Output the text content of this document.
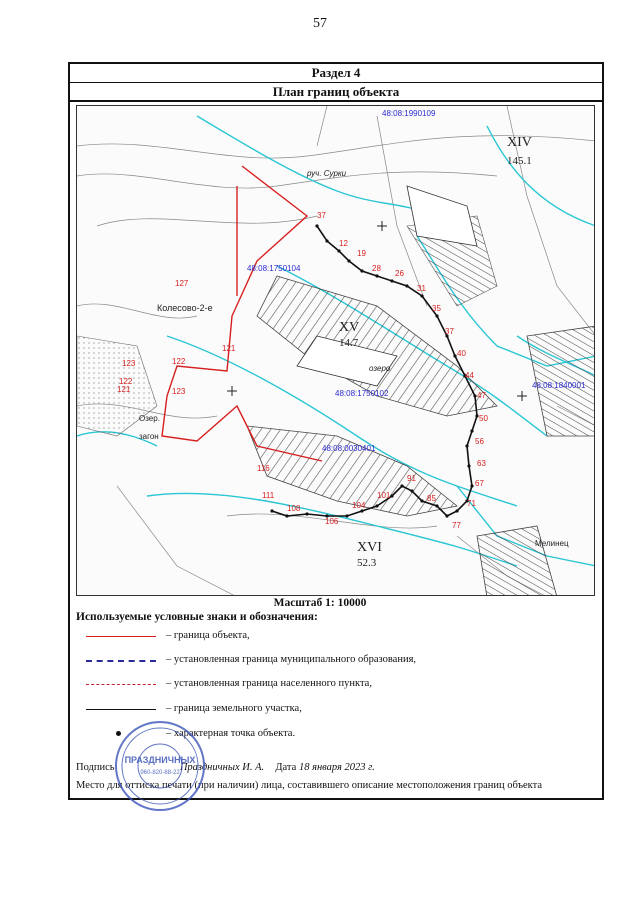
57
Раздел 4
План границ объекта
48:08:1990109
48:08:1750104
48:08:1750102
48:08:0030401
48:08:1840001
XIV
145.1
XV
14.7
XVI
52.3
руч. Сурки
Колесово-2-е
Мелинец
озеро
Озер.
загон
37
12
19
28
26
31
35
37
40
44
47
50
56
63
67
71
77
85
91
101
104
106
108
111
116
121
122
123
127
121
123
122
Масштаб 1: 10000
Используемые условные знаки и обозначения:
– граница объекта,
– установленная граница муниципального образования,
– установленная граница населенного пункта,
– граница земельного участка,
– характерная точка объекта.
Подпись	Праздничных И. А. Дата 18 января 2023 г.
Место для оттиска печати (при наличии) лица, составившего описание местоположения границ объекта
ПРАЗДНИЧНЫХ
960-820-88-22
